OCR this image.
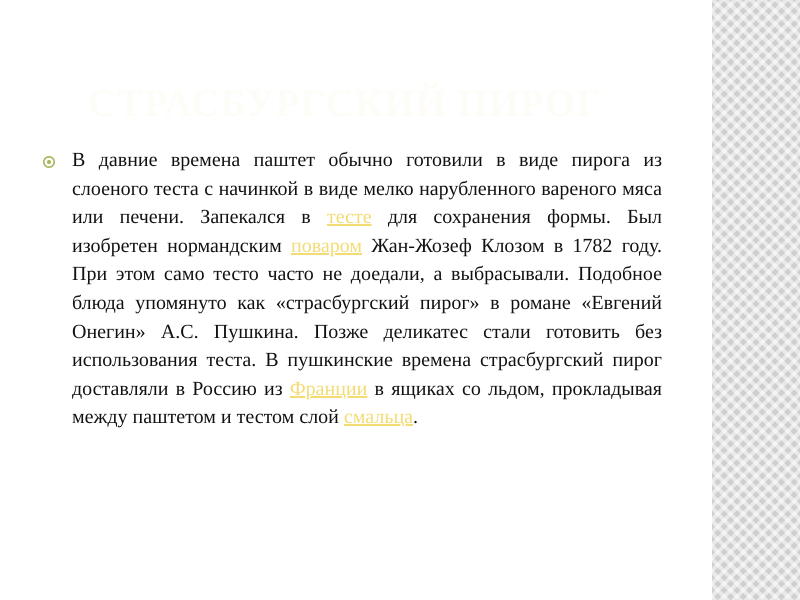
СТРАСБУРГСКИЙ ПИРОГ

В давние времена паштет обычно готовили в виде пирога из слоеного теста с начинкой в виде мелко нарубленного вареного мяса или печени. Запекался в тесте для сохранения формы. Был изобретен нормандским поваром Жан-Жозеф Клозом в 1782 году. При этом само тесто часто не доедали, а выбрасывали. Подобное блюда упомянуто как «страсбургский пирог» в романе «Евгений Онегин» А.С. Пушкина. Позже деликатес стали готовить без использования теста. В пушкинские времена страсбургский пирог доставляли в Россию из Франции в ящиках со льдом, прокладывая между паштетом и тестом слой смальца.
